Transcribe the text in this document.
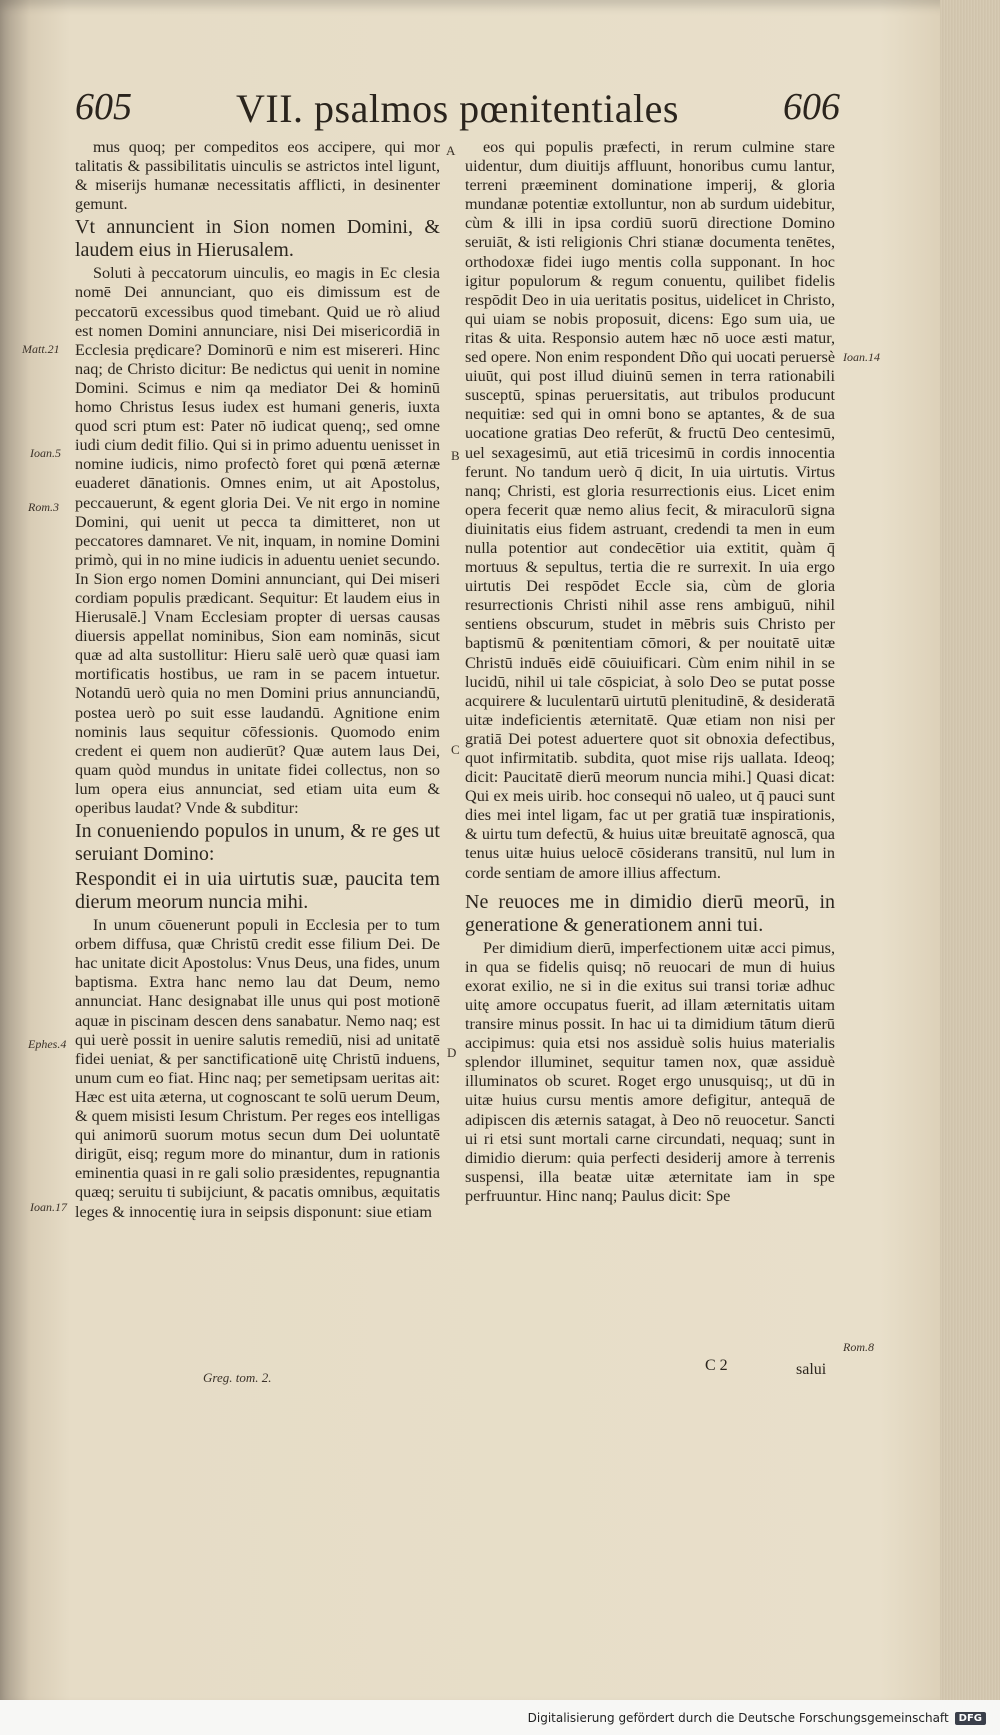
605	VII. psalmos pœnitentiales	606

mus quoq; per compeditos eos accipere, qui mor talitatis & passibilitatis uinculis se astrictos intel ligunt, & miserijs humanæ necessitatis afflicti, in desinenter gemunt.

Vt annuncient in Sion nomen Domini, & laudem eius in Hierusalem.

Soluti à peccatorum uinculis, eo magis in Ec clesia nomē Dei annunciant, quo eis dimissum est de peccatorū excessibus quod timebant. Quid ue rò aliud est nomen Domini annunciare, nisi Dei misericordiā in Ecclesia prędicare? Dominorū e nim est misereri. Hinc naq; de Christo dicitur: Be nedictus qui uenit in nomine Domini. Scimus e nim qa mediator Dei & hominū homo Christus Iesus iudex est humani generis, iuxta quod scri ptum est: Pater nō iudicat quenq;, sed omne iudi cium dedit filio. Qui si in primo aduentu uenisset in nomine iudicis, nimo profectò foret qui pœnā æternæ euaderet dānationis. Omnes enim, ut ait Apostolus, peccauerunt, & egent gloria Dei. Ve nit ergo in nomine Domini, qui uenit ut pecca ta dimitteret, non ut peccatores damnaret. Ve nit, inquam, in nomine Domini primò, qui in no mine iudicis in aduentu ueniet secundo. In Sion ergo nomen Domini annunciant, qui Dei miseri cordiam populis prædicant. Sequitur: Et laudem eius in Hierusalē.] Vnam Ecclesiam propter di uersas causas diuersis appellat nominibus, Sion eam nominās, sicut quæ ad alta sustollitur: Hieru salē uerò quæ quasi iam mortificatis hostibus, ue ram in se pacem intuetur. Notandū uerò quia no men Domini prius annunciandū, postea uerò po suit esse laudandū. Agnitione enim nominis laus sequitur cōfessionis. Quomodo enim credent ei quem non audierūt? Quæ autem laus Dei, quam quòd mundus in unitate fidei collectus, non so lum opera eius annunciat, sed etiam uita eum & operibus laudat? Vnde & subditur:

In conueniendo populos in unum, & re ges ut seruiant Domino:

Respondit ei in uia uirtutis suæ, paucita tem dierum meorum nuncia mihi.

In unum cōuenerunt populi in Ecclesia per to tum orbem diffusa, quæ Christū credit esse filium Dei. De hac unitate dicit Apostolus: Vnus Deus, una fides, unum baptisma. Extra hanc nemo lau dat Deum, nemo annunciat. Hanc designabat ille unus qui post motionē aquæ in piscinam descen dens sanabatur. Nemo naq; est qui uerè possit in uenire salutis remediū, nisi ad unitatē fidei ueniat, & per sanctificationē uitę Christū induens, unum cum eo fiat. Hinc naq; per semetipsam ueritas ait: Hæc est uita æterna, ut cognoscant te solū uerum Deum, & quem misisti Iesum Christum. Per reges eos intelligas qui animorū suorum motus secun dum Dei uoluntatē dirigūt, eisq; regum more do minantur, dum in rationis eminentia quasi in re gali solio præsidentes, repugnantia quæq; seruitu ti subijciunt, & pacatis omnibus, æquitatis leges & innocentię iura in seipsis disponunt: siue etiam

eos qui populis præfecti, in rerum culmine stare uidentur, dum diuitijs affluunt, honoribus cumu lantur, terreni præeminent dominatione imperij, & gloria mundanæ potentiæ extolluntur, non ab surdum uidebitur, cùm & illi in ipsa cordiū suorū directione Domino seruiāt, & isti religionis Chri stianæ documenta tenētes, orthodoxæ fidei iugo mentis colla supponant. In hoc igitur populorum & regum conuentu, quilibet fidelis respōdit Deo in uia ueritatis positus, uidelicet in Christo, qui uiam se nobis proposuit, dicens: Ego sum uia, ue ritas & uita. Responsio autem hæc nō uoce æsti matur, sed opere. Non enim respondent Dño qui uocati peruersè uiuūt, qui post illud diuinū semen in terra rationabili susceptū, spinas peruersitatis, aut tribulos producunt nequitiæ: sed qui in omni bono se aptantes, & de sua uocatione gratias Deo referūt, & fructū Deo centesimū, uel sexagesimū, aut etiā tricesimū in cordis innocentia ferunt. No tandum uerò q̄ dicit, In uia uirtutis. Virtus nanq; Christi, est gloria resurrectionis eius. Licet enim opera fecerit quæ nemo alius fecit, & miraculorū signa diuinitatis eius fidem astruant, credendi ta men in eum nulla potentior aut condecētior uia extitit, quàm q̄ mortuus & sepultus, tertia die re surrexit. In uia ergo uirtutis Dei respōdet Eccle sia, cùm de gloria resurrectionis Christi nihil asse rens ambiguū, nihil sentiens obscurum, studet in mēbris suis Christo per baptismū & pœnitentiam cōmori, & per nouitatē uitæ Christū induēs eidē cōuiuificari. Cùm enim nihil in se lucidū, nihil ui tale cōspiciat, à solo Deo se putat posse acquirere & luculentarū uirtutū plenitudinē, & desideratā uitæ indeficientis æternitatē. Quæ etiam non nisi per gratiā Dei potest aduertere quot sit obnoxia defectibus, quot infirmitatib. subdita, quot mise rijs uallata. Ideoq; dicit: Paucitatē dierū meorum nuncia mihi.] Quasi dicat: Qui ex meis uirib. hoc consequi nō ualeo, ut q̄ pauci sunt dies mei intel ligam, fac ut per gratiā tuæ inspirationis, & uirtu tum defectū, & huius uitæ breuitatē agnoscā, qua tenus uitæ huius uelocē cōsiderans transitū, nul lum in corde sentiam de amore illius affectum.

Ne reuoces me in dimidio dierū meorū, in generatione & generationem anni tui.

Per dimidium dierū, imperfectionem uitæ acci pimus, in qua se fidelis quisq; nō reuocari de mun di huius exorat exilio, ne si in die exitus sui transi toriæ adhuc uitę amore occupatus fuerit, ad illam æternitatis uitam transire minus possit. In hac ui ta dimidium tātum dierū accipimus: quia etsi nos assiduè solis huius materialis splendor illuminet, sequitur tamen nox, quæ assiduè illuminatos ob scuret. Roget ergo unusquisq;, ut dū in uitæ huius cursu mentis amore defigitur, antequā de adipiscen dis æternis satagat, à Deo nō reuocetur. Sancti ui ri etsi sunt mortali carne circundati, nequaq; sunt in dimidio dierum: quia perfecti desiderij amore à terrenis suspensi, illa beatæ uitæ æternitate iam in spe perfruuntur. Hinc nanq; Paulus dicit: Spe

Matt.21
Ioan.5
Rom.3
Ephes.4
Ioan.17
Ioan.14
Rom.8
A
B
C
D
Greg. tom. 2.
C 2	salui
Digitalisierung gefördert durch die Deutsche Forschungsgemeinschaft	DFG
